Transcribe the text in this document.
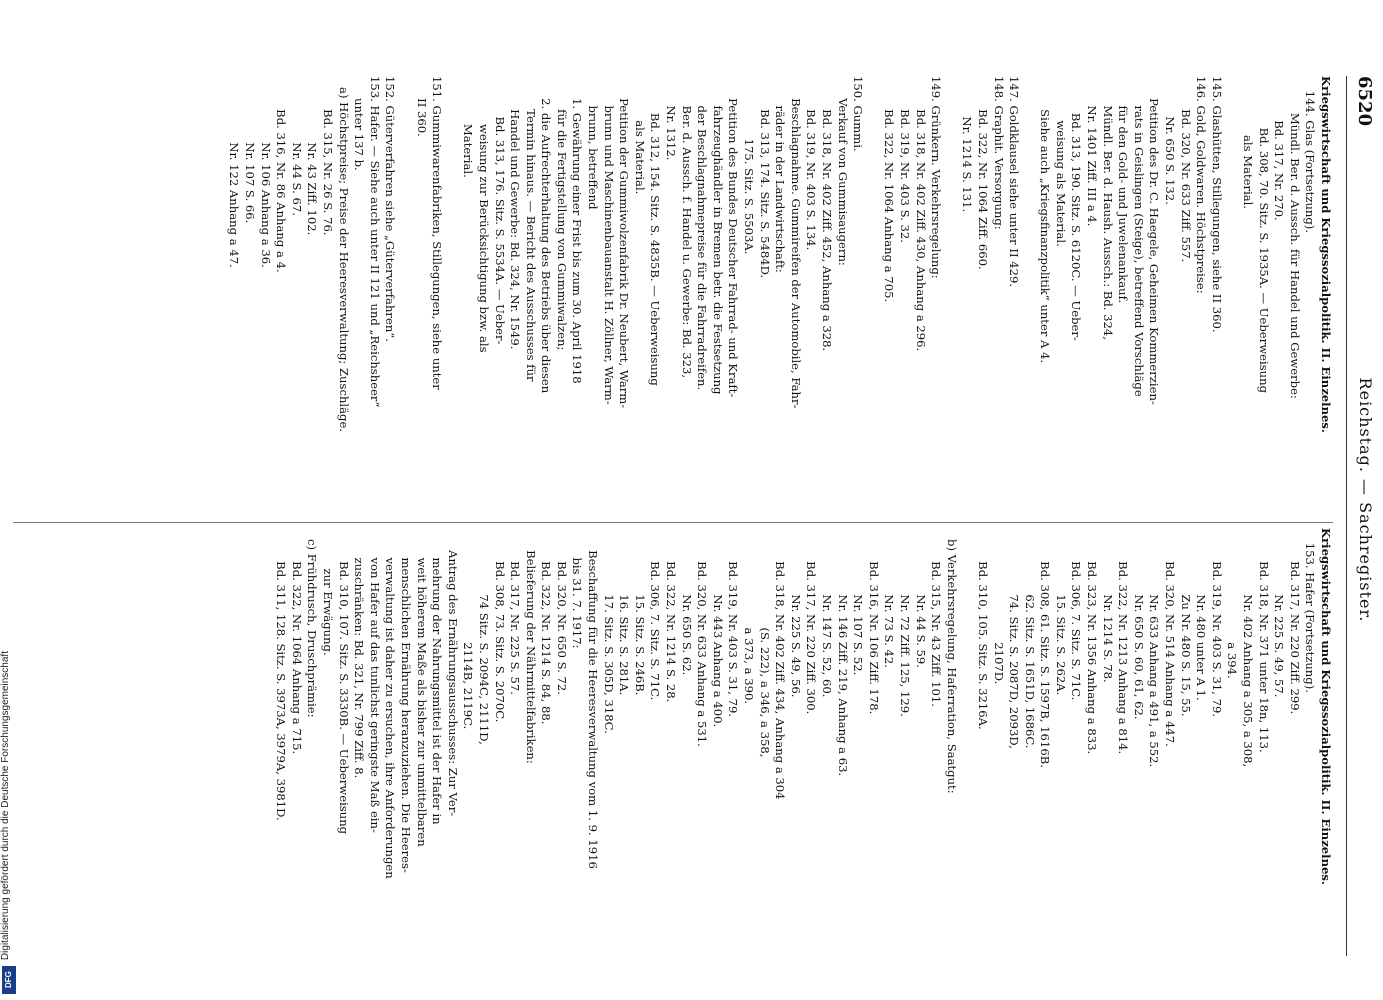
Digitalisierung gefördert durch die Deutsche Forschungsgemeinschaft
DFG
6520
Reichstag. — Sachregister.
Kriegswirtschaft und Kriegssozialpolitik. II. Einzelnes.
144. Glas (Fortsetzung).
Mündl. Ber. d. Aussch. für Handel und Gewerbe:
Bd. 317, Nr. 270.
Bd. 308, 70. Sitz. S. 1935A. — Ueberweisung
als Material.
145. Glashütten, Stillegungen, siehe II 360.
146. Gold, Goldwaren. Höchstpreise:
Bd. 320, Nr. 633 Ziff. 557.
Nr. 650 S. 132.
Petition des Dr. C. Haegele, Geheimen Kommerzien-
rats in Geislingen (Steige), betreffend Vorschläge
für den Gold- und Juwelenankauf.
Mündl. Ber. d. Haush. Aussch.: Bd. 324,
Nr. 1401 Ziff. III a 4.
Bd. 313, 190. Sitz. S. 6120C. — Ueber-
weisung als Material.
Siehe auch „Kriegsfinanzpolitik“ unter A 4.
147. Goldklausel siehe unter II 429.
148. Graphit. Versorgung:
Bd. 322, Nr. 1064 Ziff. 660.
Nr. 1214 S. 131.
149. Grünkern. Verkehrsregelung:
Bd. 318, Nr. 402 Ziff. 430, Anhang a 296.
Bd. 319, Nr. 403 S. 32.
Bd. 322, Nr. 1064 Anhang a 705.
150. Gummi.
Verkauf von Gummisaugern:
Bd. 318, Nr. 402 Ziff. 452, Anhang a 328.
Bd. 319, Nr. 403 S. 134.
Beschlagnahme. Gummireifen der Automobile, Fahr-
räder in der Landwirtschaft:
Bd. 313, 174. Sitz. S. 5484D.
175. Sitz. S. 5503A.
Petition des Bundes Deutscher Fahrrad- und Kraft-
fahrzeughändler in Bremen betr. die Festsetzung
der Beschlagnahmepreise für die Fahrradreifen.
Ber. d. Aussch. f. Handel u. Gewerbe: Bd. 323,
Nr. 1312.
Bd. 312, 154. Sitz. S. 4835B. — Ueberweisung
als Material.
Petition der Gummiwolzenfabrik Dr. Neubert, Warm-
brunn und Maschinenbauanstalt H. Zöllner, Warm-
brunn, betreffend
1. Gewährung einer Frist bis zum 30. April 1918
für die Fertigstellung von Gummiwalzen;
2. die Aufrechterhaltung des Betriebs über diesen
Termin hinaus. — Bericht des Ausschusses für
Handel und Gewerbe: Bd. 324, Nr. 1549.
Bd. 313, 176. Sitz. S. 5534A. — Ueber-
weisung zur Berücksichtigung bzw. als
Material.
151. Gummiwarenfabriken, Stillegungen, siehe unter
II 360.
152. Güterverfahren siehe „Güterverfahren“.
153. Hafer. — Siehe auch unter II 121 und „Reichsheer“
unter 137 b.
a) Höchstpreise; Preise der Heeresverwaltung; Zuschläge.
Bd. 315, Nr. 26 S. 76.
Nr. 43 Ziff. 102.
Nr. 44 S. 67.
Bd. 316, Nr. 86 Anhang a 4.
Nr. 106 Anhang a 36.
Nr. 107 S. 66.
Nr. 122 Anhang a 47.
Kriegswirtschaft und Kriegssozialpolitik. II. Einzelnes.
153. Hafer (Fortsetzung).
Bd. 317, Nr. 220 Ziff. 299.
Nr. 225 S. 49, 57.
Bd. 318, Nr. 371 unter 18n, 113.
Nr. 402 Anhang a 305, a 308,
a 394.
Bd. 319, Nr. 403 S. 31, 79.
Nr. 480 unter A 1.
Zu Nr. 480 S. 15, 55.
Bd. 320, Nr. 514 Anhang a 447.
Nr. 633 Anhang a 491, a 552.
Nr. 650 S. 60, 61, 62.
Bd. 322, Nr. 1213 Anhang a 814.
Nr. 1214 S. 78.
Bd. 323, Nr. 1356 Anhang a 833.
Bd. 306, 7. Sitz. S. 71C.
15. Sitz. S. 262A.
Bd. 308, 61. Sitz. S. 1597B, 1616B.
62. Sitz. S. 1651D, 1686C.
74. Sitz. S. 2087D, 2093D,
2107D.
Bd. 310, 105. Sitz. S. 3216A.
b) Verkehrsregelung, Haferration, Saatgut:
Bd. 315, Nr. 43 Ziff. 101.
Nr. 44 S. 59.
Nr. 72 Ziff. 125, 129.
Nr. 73 S. 42.
Bd. 316, Nr. 106 Ziff. 178.
Nr. 107 S. 52.
Nr. 146 Ziff. 219, Anhang a 63.
Nr. 147 S. 52, 60.
Bd. 317, Nr. 220 Ziff. 300.
Nr. 225 S. 49, 56.
Bd. 318, Nr. 402 Ziff. 434, Anhang a 304
(S. 222), a 346, a 358,
a 373, a 390.
Bd. 319, Nr. 403 S. 31, 79.
Nr. 443 Anhang a 400.
Bd. 320, Nr. 633 Anhang a 531.
Nr. 650 S. 62.
Bd. 322, Nr. 1214 S. 28.
Bd. 306, 7. Sitz. S. 71C.
15. Sitz. S. 246B.
16. Sitz. S. 281A.
17. Sitz. S. 305D, 318C.
Beschaffung für die Heeresverwaltung vom 1. 9. 1916
bis 31. 7. 1917:
Bd. 320, Nr. 650 S. 72.
Bd. 322, Nr. 1214 S. 84, 88.
Belieferung der Nährmittelfabriken:
Bd. 317, Nr. 225 S. 57.
Bd. 308, 73. Sitz. S. 2070C.
74 Sitz. S. 2094C, 2111D,
2114B, 2119C.
Antrag des Ernährungsausschusses: Zur Ver-
mehrung der Nahrungsmittel ist der Hafer in
weit höherem Maße als bisher zur unmittelbaren
menschlichen Ernährung heranzuziehen. Die Heeres-
verwaltung ist daher zu ersuchen, ihre Anforderungen
von Hafer auf das tunlichst geringste Maß ein-
zuschränken: Bd. 321, Nr. 799 Ziff. 8.
Bd. 310, 107. Sitz. S. 3330B. — Ueberweisung
zur Erwägung.
c) Frühdrusch, Druschprämie:
Bd. 322, Nr. 1064 Anhang a 715.
Bd. 311, 128. Sitz. S. 3973A, 3979A, 3981D.
